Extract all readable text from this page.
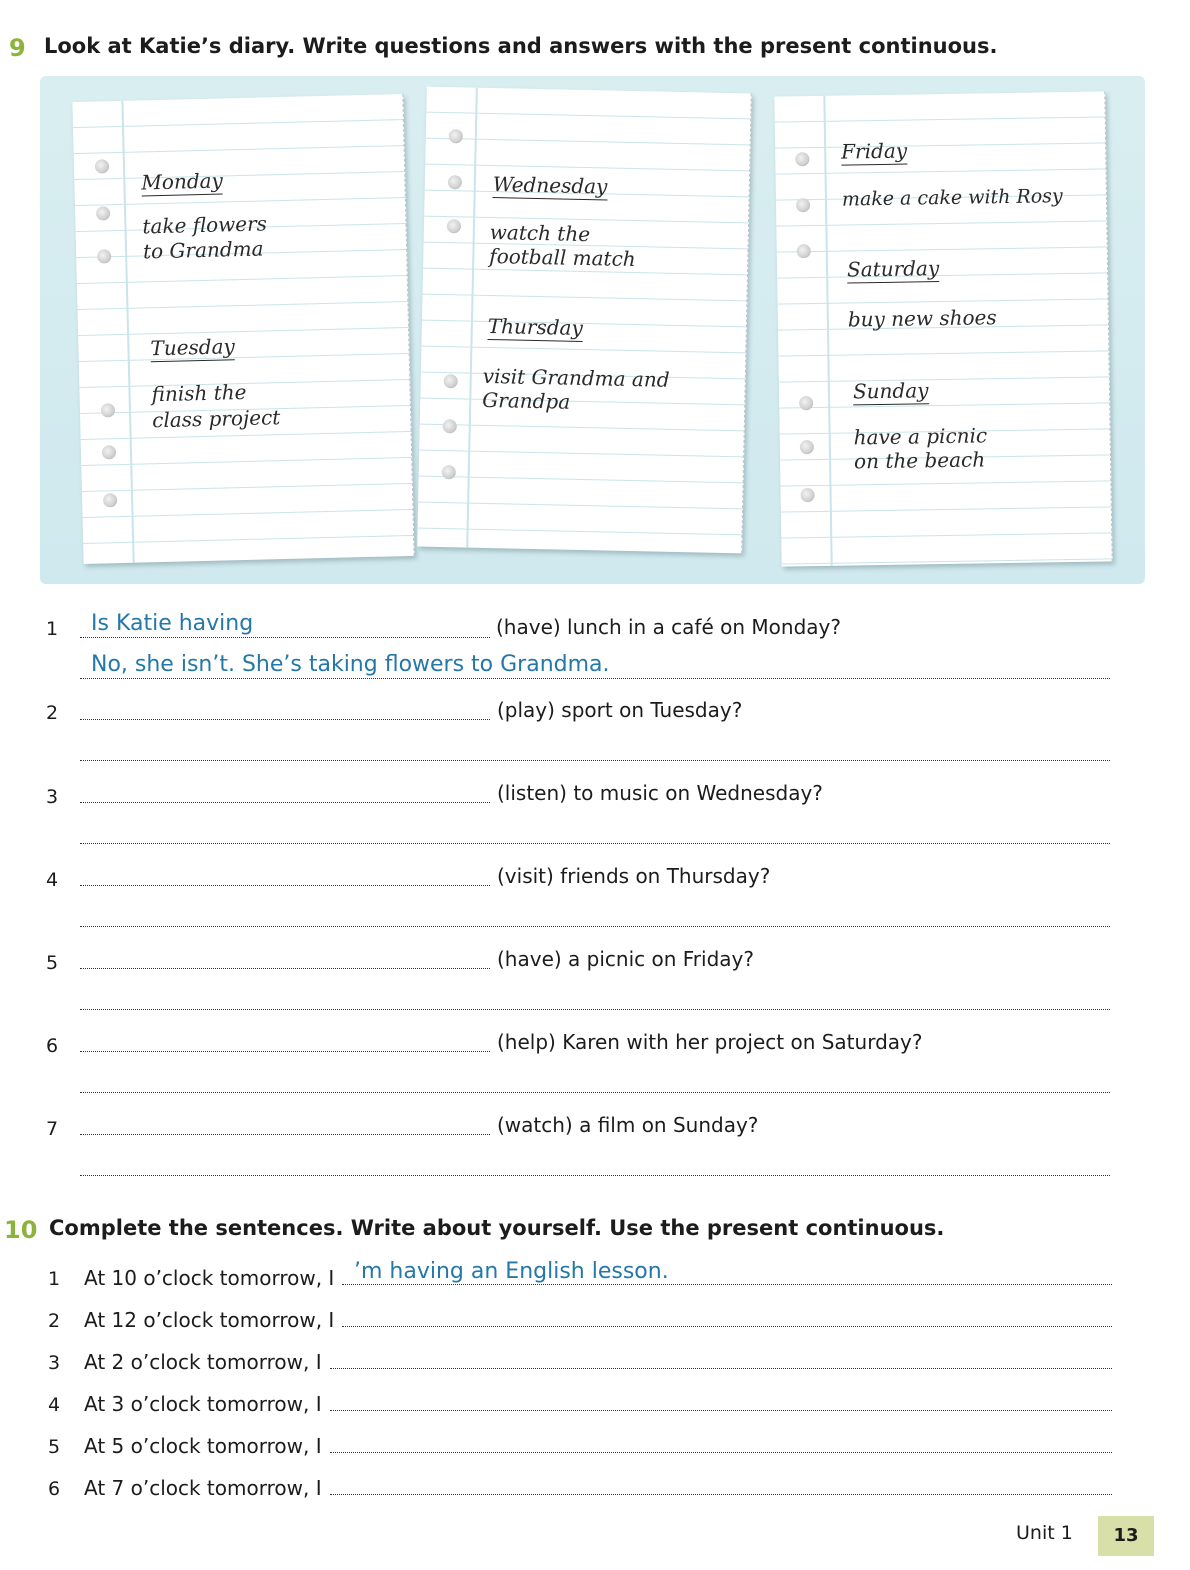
9 Look at Katie’s diary. Write questions and answers with the present continuous.
Monday
take flowers
to Grandma
Tuesday
finish the
class project
Wednesday
watch the
football match
Thursday
visit Grandma and
Grandpa
Friday
make a cake with Rosy
Saturday
buy new shoes
Sunday
have a picnic
on the beach
1 Is Katie having	(have) lunch in a café on Monday?
No, she isn’t. She’s taking flowers to Grandma.
2	(play) sport on Tuesday?
3	(listen) to music on Wednesday?
4	(visit) friends on Thursday?
5	(have) a picnic on Friday?
6	(help) Karen with her project on Saturday?
7	(watch) a film on Sunday?
10 Complete the sentences. Write about yourself. Use the present continuous.
1 At 10 o’clock tomorrow, I ’m having an English lesson.
2 At 12 o’clock tomorrow, I
3 At 2 o’clock tomorrow, I
4 At 3 o’clock tomorrow, I
5 At 5 o’clock tomorrow, I
6 At 7 o’clock tomorrow, I
Unit 1	13
